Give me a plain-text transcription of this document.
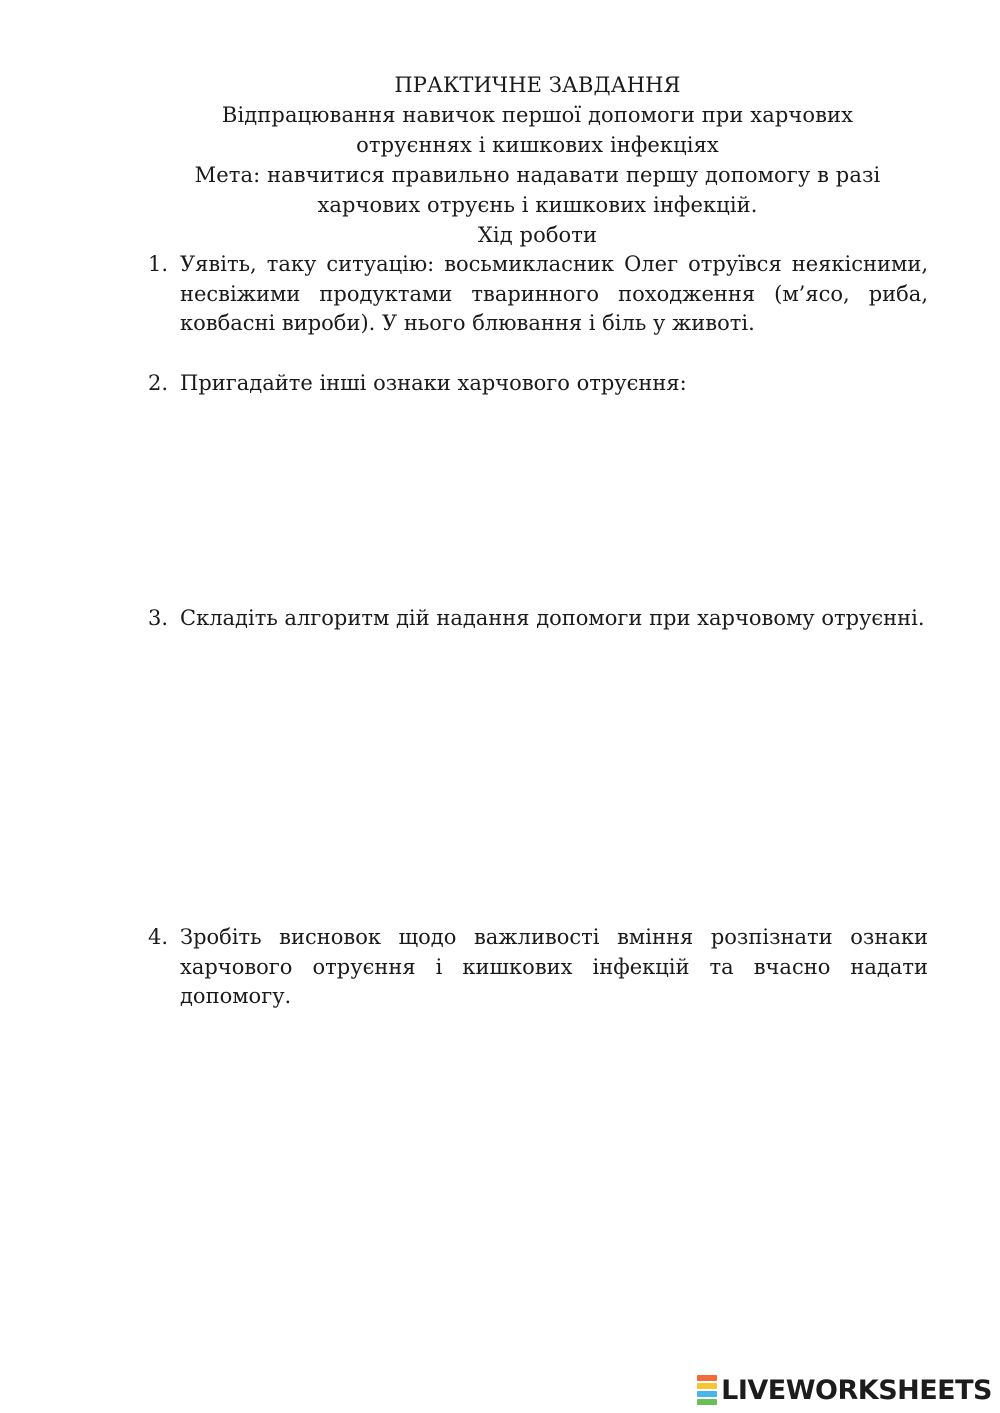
ПРАКТИЧНЕ ЗАВДАННЯ
Відпрацювання навичок першої допомоги при харчових
отруєннях і кишкових інфекціях
Мета: навчитися правильно надавати першу допомогу в разі
харчових отруєнь і кишкових інфекцій.
Хід роботи
1. Уявіть, таку ситуацію: восьмикласник Олег отруївся неякісними, несвіжими продуктами тваринного походження (м’ясо, риба, ковбасні вироби). У нього блювання і біль у животі.
2. Пригадайте інші ознаки харчового отруєння:
3. Складіть алгоритм дій надання допомоги при харчовому отруєнні.
4. Зробіть висновок щодо важливості вміння розпізнати ознаки харчового отруєння і кишкових інфекцій та вчасно надати допомогу.
LIVEWORKSHEETS
